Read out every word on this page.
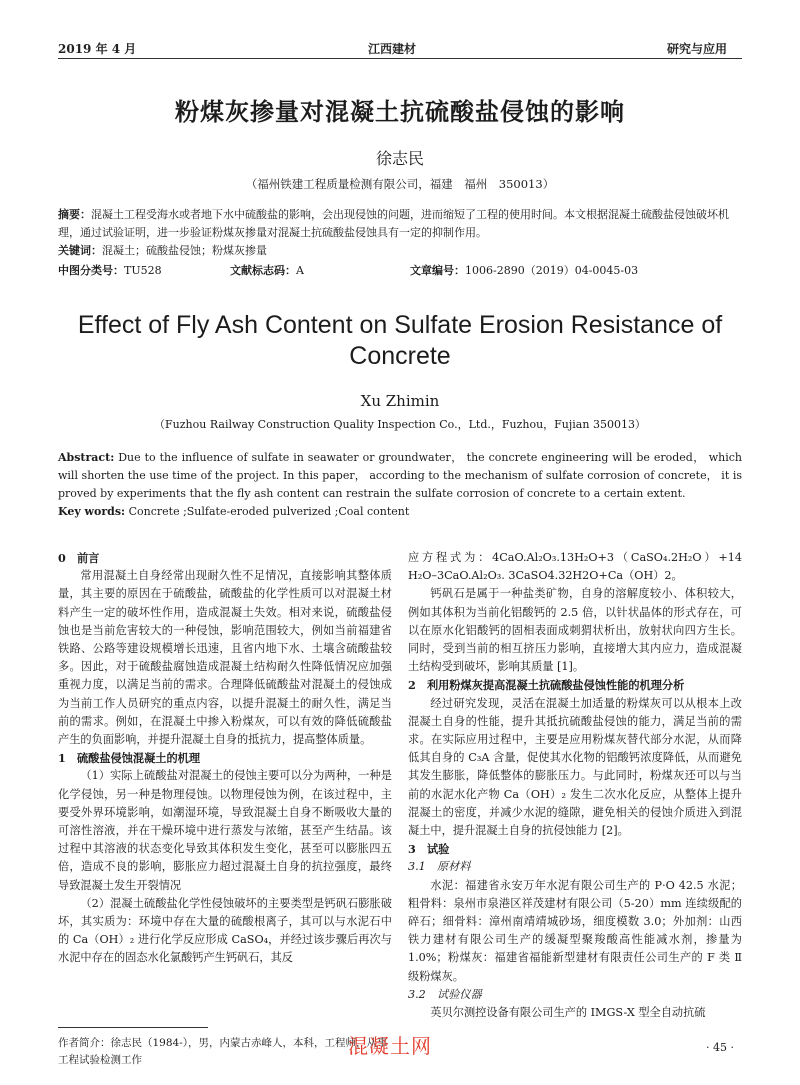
2019 年 4 月	江西建材	研究与应用
粉煤灰掺量对混凝土抗硫酸盐侵蚀的影响
徐志民
（福州铁建工程质量检测有限公司，福建　福州　350013）
摘要：混凝土工程受海水或者地下水中硫酸盐的影响，会出现侵蚀的问题，进而缩短了工程的使用时间。本文根据混凝土硫酸盐侵蚀破坏机理，通过试验证明，进一步验证粉煤灰掺量对混凝土抗硫酸盐侵蚀具有一定的抑制作用。
关键词：混凝土；硫酸盐侵蚀；粉煤灰掺量
中图分类号：TU528	文献标志码：A	文章编号：1006-2890（2019）04-0045-03
Effect of Fly Ash Content on Sulfate Erosion Resistance of
Concrete
Xu Zhimin
（Fuzhou Railway Construction Quality Inspection Co.，Ltd.，Fuzhou，Fujian 350013）
Abstract: Due to the influence of sulfate in seawater or groundwater， the concrete engineering will be eroded， which will shorten the use time of the project. In this paper， according to the mechanism of sulfate corrosion of concrete， it is proved by experiments that the fly ash content can restrain the sulfate corrosion of concrete to a certain extent.
Key words: Concrete ;Sulfate-eroded pulverized ;Coal content

0　前言

常用混凝土自身经常出现耐久性不足情况，直接影响其整体质量，其主要的原因在于硫酸盐，硫酸盐的化学性质可以对混凝土材料产生一定的破坏性作用，造成混凝土失效。相对来说，硫酸盐侵蚀也是当前危害较大的一种侵蚀，影响范围较大，例如当前福建省铁路、公路等建设规模增长迅速，且省内地下水、土壤含硫酸盐较多。因此，对于硫酸盐腐蚀造成混凝土结构耐久性降低情况应加强重视力度，以满足当前的需求。合理降低硫酸盐对混凝土的侵蚀成为当前工作人员研究的重点内容，以提升混凝土的耐久性，满足当前的需求。例如，在混凝土中掺入粉煤灰，可以有效的降低硫酸盐产生的负面影响，并提升混凝土自身的抵抗力，提高整体质量。

1　硫酸盐侵蚀混凝土的机理

（1）实际上硫酸盐对混凝土的侵蚀主要可以分为两种，一种是化学侵蚀，另一种是物理侵蚀。以物理侵蚀为例，在该过程中，主要受外界环境影响，如潮湿环境，导致混凝土自身不断吸收大量的可溶性溶液，并在干燥环境中进行蒸发与浓缩，甚至产生结晶。该过程中其溶液的状态变化导致其体积发生变化，甚至可以膨胀四五倍，造成不良的影响，膨胀应力超过混凝土自身的抗拉强度，最终导致混凝土发生开裂情况

（2）混凝土硫酸盐化学性侵蚀破坏的主要类型是钙矾石膨胀破坏，其实质为：环境中存在大量的硫酸根离子，其可以与水泥石中的 Ca（OH）₂ 进行化学反应形成 CaSO₄，并经过该步骤后再次与水泥中存在的固态水化氯酸钙产生钙矾石，其反

应方程式为：4CaO.Al₂O₃.13H₂O+3（CaSO₄.2H₂O）+14 H₂O–3CaO.Al₂O₃. 3CaSO4.32H2O+Ca（OH）2。

钙矾石是属于一种盐类矿物，自身的溶解度较小、体积较大，例如其体积为当前化铝酸钙的 2.5 倍，以针状晶体的形式存在，可以在原水化铝酸钙的固相表面成刺猬状析出，放射状向四方生长。同时，受到当前的相互挤压力影响，直接增大其内应力，造成混凝土结构受到破坏，影响其质量 [1]。

2　利用粉煤灰提高混凝土抗硫酸盐侵蚀性能的机理分析

经过研究发现，灵活在混凝土加适量的粉煤灰可以从根本上改混凝土自身的性能，提升其抵抗硫酸盐侵蚀的能力，满足当前的需求。在实际应用过程中，主要是应用粉煤灰替代部分水泥，从而降低其自身的 C₃A 含量，促使其水化物的铝酸钙浓度降低，从而避免其发生膨胀，降低整体的膨胀压力。与此同时，粉煤灰还可以与当前的水泥水化产物 Ca（OH）₂ 发生二次水化反应，从整体上提升混凝土的密度，并减少水泥的缝隙，避免相关的侵蚀介质进入到混凝土中，提升混凝土自身的抗侵蚀能力 [2]。

3　试验

3.1　原材料

水泥：福建省永安万年水泥有限公司生产的 P·O 42.5 水泥；粗骨料：泉州市泉港区祥茂建材有限公司（5-20）mm 连续级配的碎石；细骨料：漳州南靖靖城砂场，细度模数 3.0；外加剂：山西铁力建材有限公司生产的缓凝型聚羧酸高性能减水剂，掺量为 1.0%；粉煤灰：福建省福能新型建材有限责任公司生产的 F 类 Ⅱ 级粉煤灰。

3.2　试验仪器

英贝尔测控设备有限公司生产的 IMGS-X 型全自动抗硫

作者简介：徐志民（1984-），男，内蒙古赤峰人，本科，工程师，从事工程试验检测工作
混凝土网	· 45 ·
